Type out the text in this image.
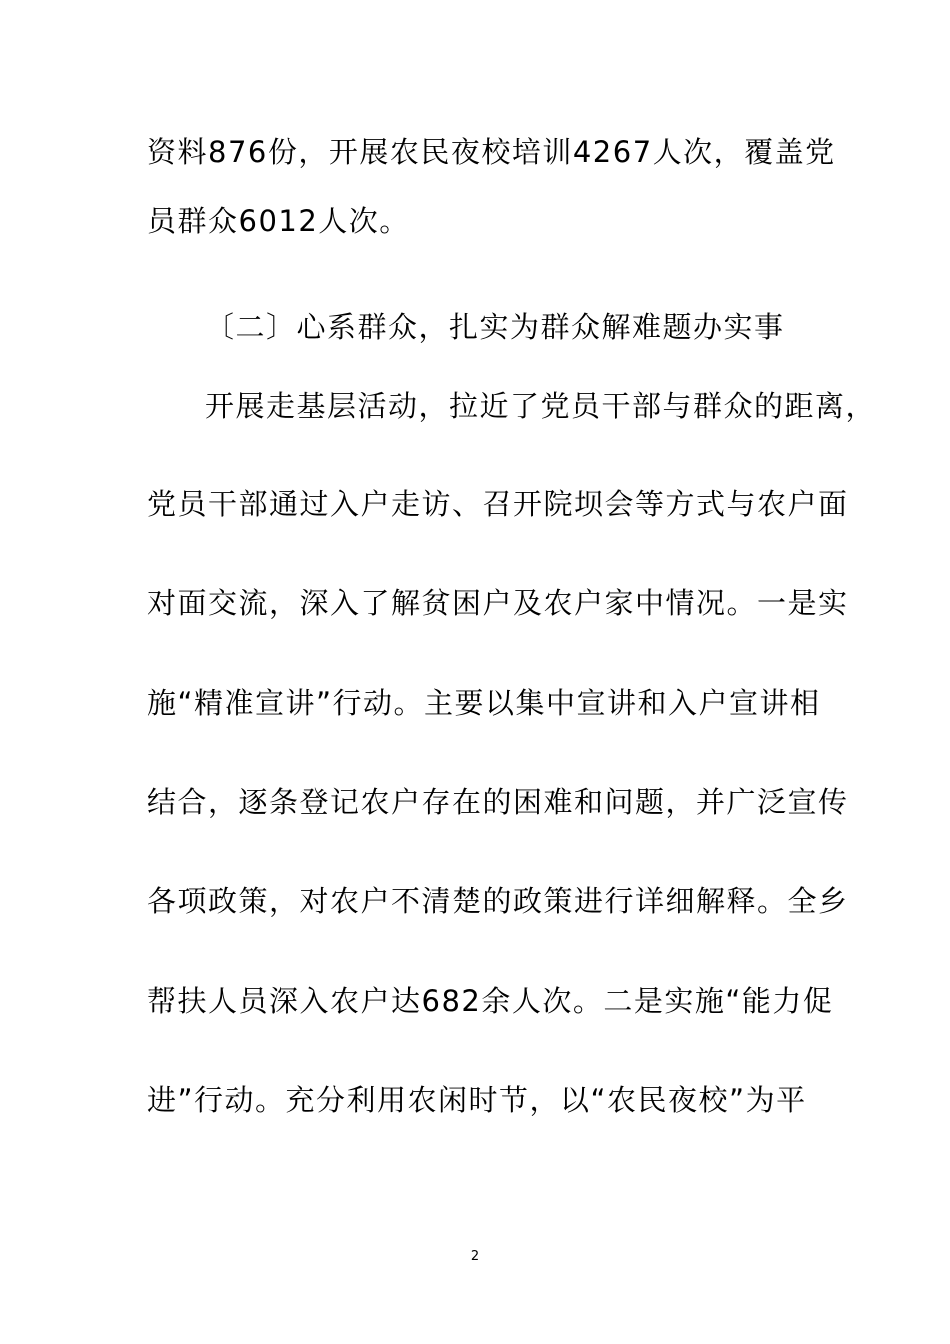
资料876份，开展农民夜校培训4267人次，覆盖党
员群众6012人次。
〔二〕心系群众，扎实为群众解难题办实事
开展走基层活动，拉近了党员干部与群众的距离，
党员干部通过入户走访、召开院坝会等方式与农户面
对面交流，深入了解贫困户及农户家中情况。一是实
施“精准宣讲”行动。主要以集中宣讲和入户宣讲相
结合，逐条登记农户存在的困难和问题，并广泛宣传
各项政策，对农户不清楚的政策进行详细解释。全乡
帮扶人员深入农户达682余人次。二是实施“能力促
进”行动。充分利用农闲时节，以“农民夜校”为平
2
